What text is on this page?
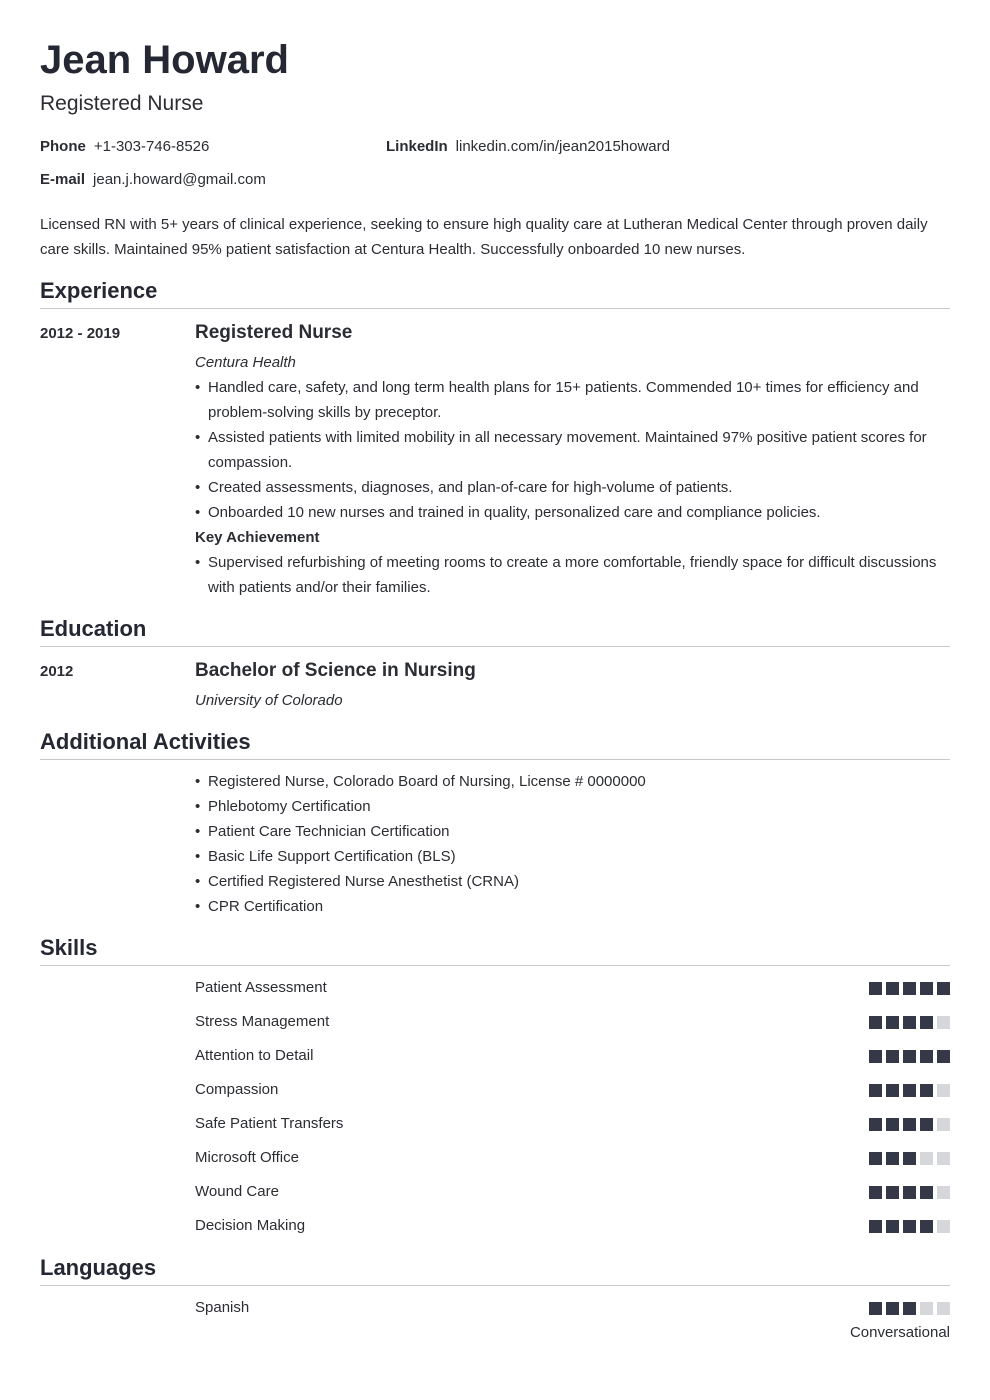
Jean Howard
Registered Nurse
Phone +1-303-746-8526	LinkedIn linkedin.com/in/jean2015howard
E-mail jean.j.howard@gmail.com
Licensed RN with 5+ years of clinical experience, seeking to ensure high quality care at Lutheran Medical Center through proven daily care skills. Maintained 95% patient satisfaction at Centura Health. Successfully onboarded 10 new nurses.
Experience
2012 - 2019	Registered Nurse
Centura Health
• Handled care, safety, and long term health plans for 15+ patients. Commended 10+ times for efficiency and problem-solving skills by preceptor.
• Assisted patients with limited mobility in all necessary movement. Maintained 97% positive patient scores for compassion.
• Created assessments, diagnoses, and plan-of-care for high-volume of patients.
• Onboarded 10 new nurses and trained in quality, personalized care and compliance policies.
Key Achievement
• Supervised refurbishing of meeting rooms to create a more comfortable, friendly space for difficult discussions with patients and/or their families.
Education
2012	Bachelor of Science in Nursing
University of Colorado
Additional Activities
• Registered Nurse, Colorado Board of Nursing, License # 0000000
• Phlebotomy Certification
• Patient Care Technician Certification
• Basic Life Support Certification (BLS)
• Certified Registered Nurse Anesthetist (CRNA)
• CPR Certification
Skills
Patient Assessment
Stress Management
Attention to Detail
Compassion
Safe Patient Transfers
Microsoft Office
Wound Care
Decision Making
Languages
Spanish
Conversational
